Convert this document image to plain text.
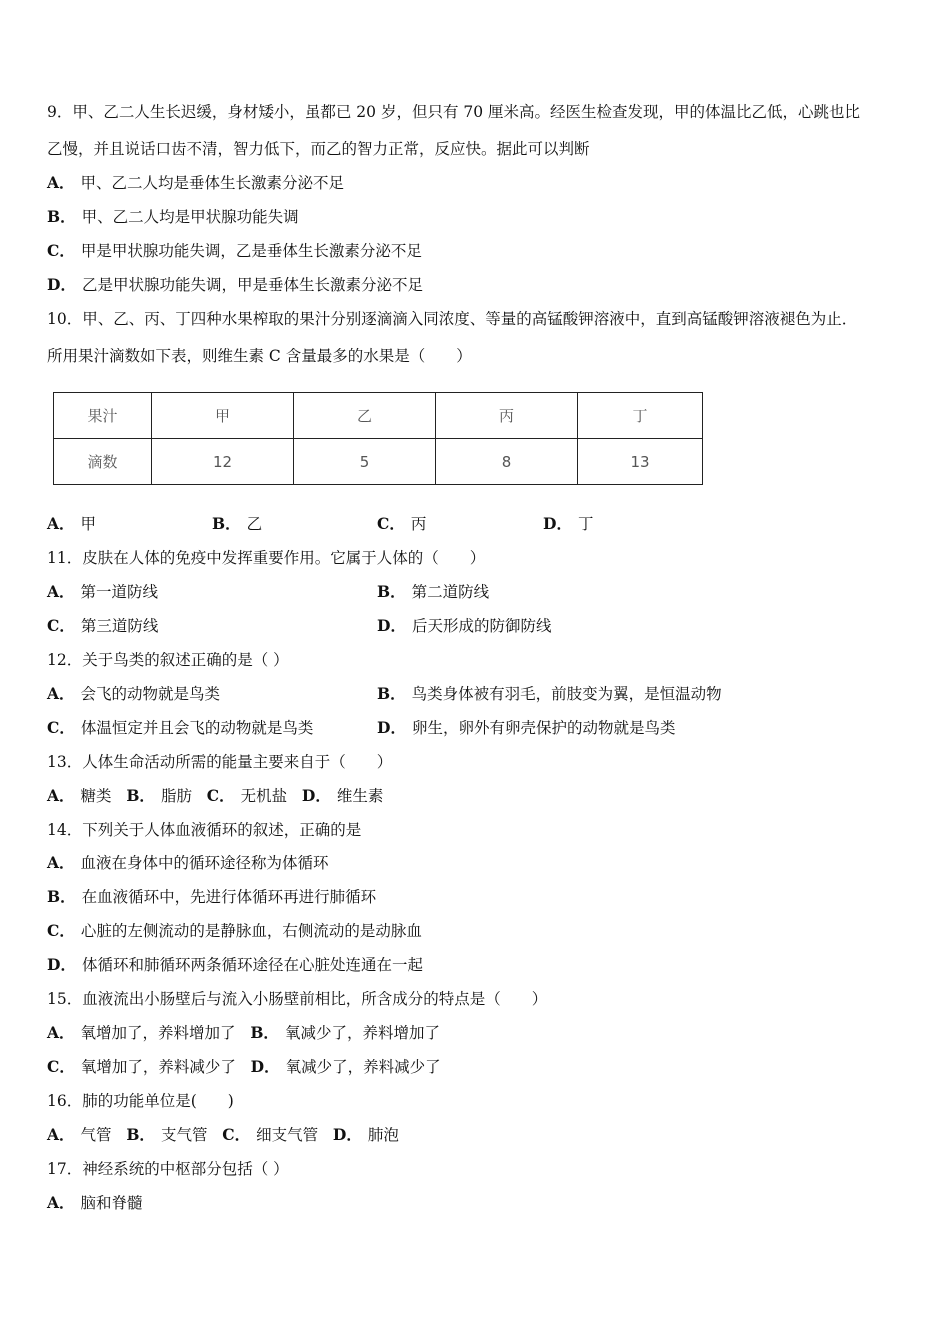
9．甲、乙二人生长迟缓，身材矮小，虽都已 20 岁，但只有 70 厘米高。经医生检查发现，甲的体温比乙低，心跳也比
乙慢，并且说话口齿不清，智力低下，而乙的智力正常，反应快。据此可以判断
A． 甲、乙二人均是垂体生长激素分泌不足
B． 甲、乙二人均是甲状腺功能失调
C． 甲是甲状腺功能失调，乙是垂体生长激素分泌不足
D． 乙是甲状腺功能失调，甲是垂体生长激素分泌不足
10．甲、乙、丙、丁四种水果榨取的果汁分别逐滴滴入同浓度、等量的高锰酸钾溶液中，直到高锰酸钾溶液褪色为止．
所用果汁滴数如下表，则维生素 C 含量最多的水果是（　　）
果汁	甲	乙	丙	丁
滴数	12	5	8	13
A． 甲	B． 乙	C． 丙	D． 丁
11．皮肤在人体的免疫中发挥重要作用。它属于人体的（　　）
A． 第一道防线	B． 第二道防线
C． 第三道防线	D． 后天形成的防御防线
12．关于鸟类的叙述正确的是（ ）
A． 会飞的动物就是鸟类	B． 鸟类身体被有羽毛，前肢变为翼，是恒温动物
C． 体温恒定并且会飞的动物就是鸟类	D． 卵生，卵外有卵壳保护的动物就是鸟类
13．人体生命活动所需的能量主要来自于（　　）
A． 糖类 B． 脂肪 C． 无机盐 D． 维生素
14．下列关于人体血液循环的叙述，正确的是
A． 血液在身体中的循环途径称为体循环
B． 在血液循环中，先进行体循环再进行肺循环
C． 心脏的左侧流动的是静脉血，右侧流动的是动脉血
D． 体循环和肺循环两条循环途径在心脏处连通在一起
15．血液流出小肠壁后与流入小肠壁前相比，所含成分的特点是（　　）
A． 氧增加了，养料增加了 B． 氧减少了，养料增加了
C． 氧增加了，养料减少了 D． 氧减少了，养料减少了
16．肺的功能单位是(　　)
A． 气管 B． 支气管 C． 细支气管 D． 肺泡
17．神经系统的中枢部分包括（ ）
A． 脑和脊髓
